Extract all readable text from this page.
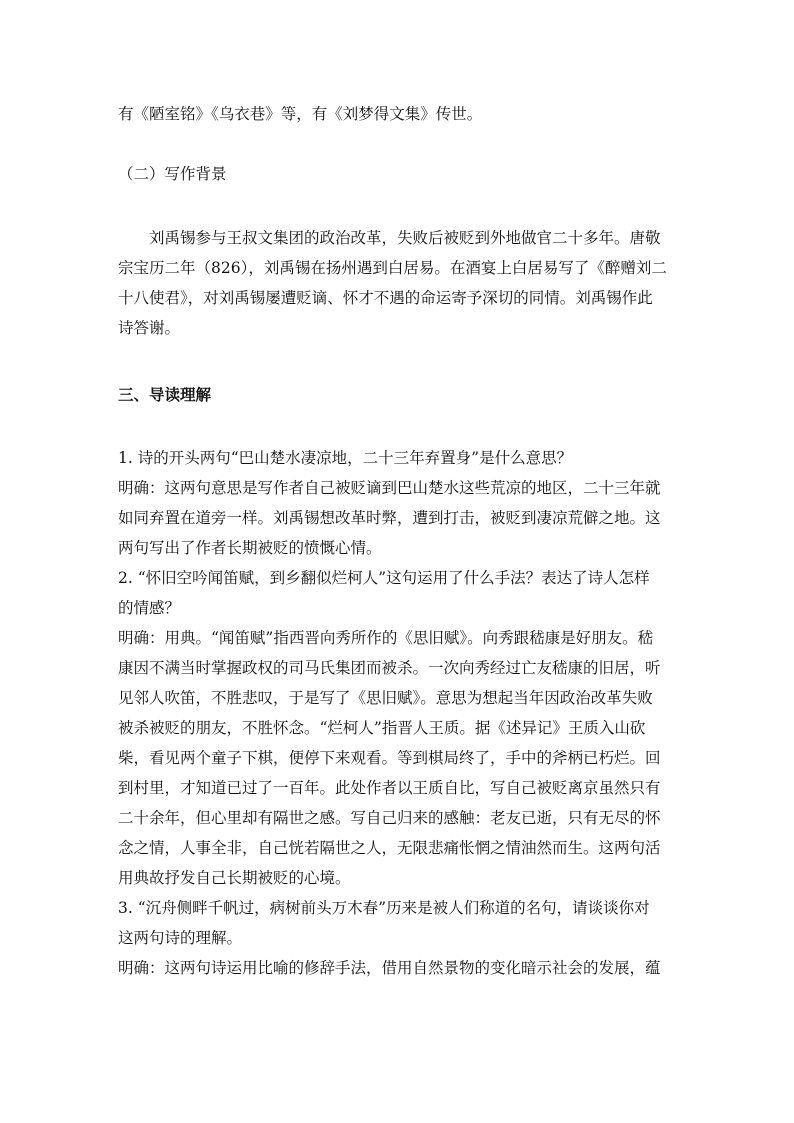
有《陋室铭》《乌衣巷》等，有《刘梦得文集》传世。
（二）写作背景
　　刘禹锡参与王叔文集团的政治改革，失败后被贬到外地做官二十多年。唐敬
宗宝历二年（826），刘禹锡在扬州遇到白居易。在酒宴上白居易写了《醉赠刘二
十八使君》，对刘禹锡屡遭贬谪、怀才不遇的命运寄予深切的同情。刘禹锡作此
诗答谢。
三、导读理解
1. 诗的开头两句“巴山楚水凄凉地，二十三年弃置身”是什么意思？
明确：这两句意思是写作者自己被贬谪到巴山楚水这些荒凉的地区，二十三年就
如同弃置在道旁一样。刘禹锡想改革时弊，遭到打击，被贬到凄凉荒僻之地。这
两句写出了作者长期被贬的愤慨心情。
2. “怀旧空吟闻笛赋，到乡翻似烂柯人”这句运用了什么手法？表达了诗人怎样
的情感？
明确：用典。“闻笛赋”指西晋向秀所作的《思旧赋》。向秀跟嵇康是好朋友。嵇
康因不满当时掌握政权的司马氏集团而被杀。一次向秀经过亡友嵇康的旧居，听
见邻人吹笛，不胜悲叹，于是写了《思旧赋》。意思为想起当年因政治改革失败
被杀被贬的朋友，不胜怀念。“烂柯人”指晋人王质。据《述异记》王质入山砍
柴，看见两个童子下棋，便停下来观看。等到棋局终了，手中的斧柄已朽烂。回
到村里，才知道已过了一百年。此处作者以王质自比，写自己被贬离京虽然只有
二十余年，但心里却有隔世之感。写自己归来的感触：老友已逝，只有无尽的怀
念之情，人事全非，自己恍若隔世之人，无限悲痛怅惘之情油然而生。这两句活
用典故抒发自己长期被贬的心境。
3. “沉舟侧畔千帆过，病树前头万木春”历来是被人们称道的名句，请谈谈你对
这两句诗的理解。
明确：这两句诗运用比喻的修辞手法，借用自然景物的变化暗示社会的发展，蕴
